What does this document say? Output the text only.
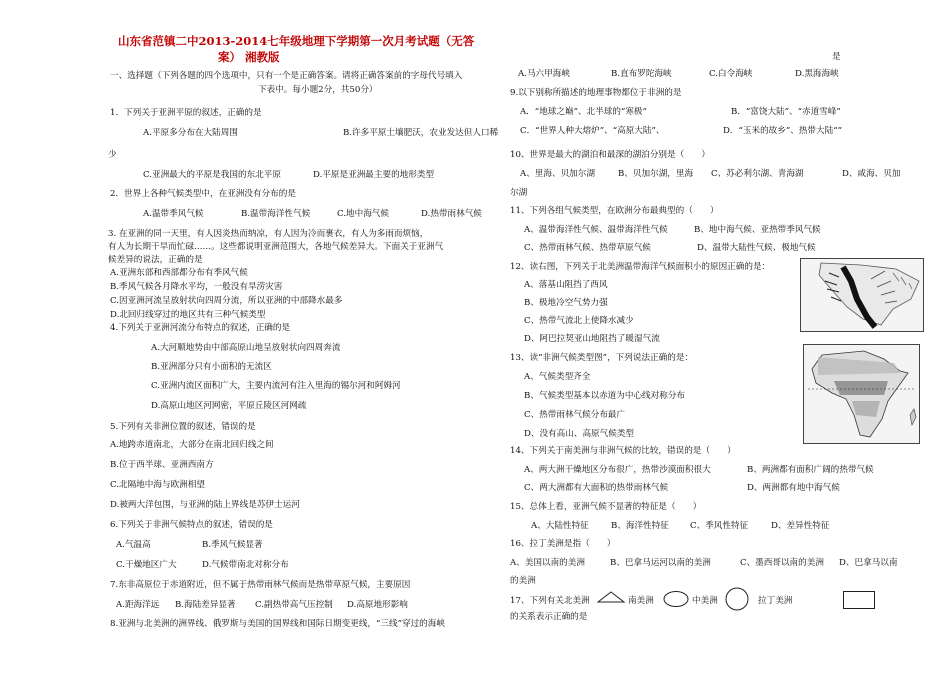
山东省范镇二中2013-2014七年级地理下学期第一次月考试题（无答
案） 湘教版
一、选择题（下列各题的四个选项中，只有一个是正确答案。请将正确答案前的字母代号填入
下表中。每小题2分，共50分）
1．下列关于亚洲平原的叙述，正确的是
A.平原多分布在大陆周围	B.许多平原土壤肥沃，农业发达但人口稀
少
C.亚洲最大的平原是我国的东北平原	D.平原是亚洲最主要的地形类型
2．世界上各种气候类型中，在亚洲没有分布的是
A.温带季风气候	B.温带海洋性气候	C.地中海气候	D.热带雨林气候
3. 在亚洲的同一天里，有人因炎热而纳凉，有人因为冷而裹衣，有人为多雨而烦恼，
有人为长期干旱而忙碌……。这些都说明亚洲范围大，各地气候差异大。下面关于亚洲气
候差异的说法，正确的是
A.亚洲东部和西部都分布有季风气候
B.季风气候各月降水平均，一般没有旱涝灾害
C.因亚洲河流呈放射状向四周分流，所以亚洲的中部降水最多
D.北回归线穿过的地区共有三种气候类型
4.下列关于亚洲河流分布特点的叙述，正确的是
A.大河顺地势由中部高原山地呈放射状向四周奔流
B.亚洲部分只有小面积的无流区
C.亚洲内流区面积广大，主要内流河有注入里海的锡尔河和阿姆河
D.高原山地区河网密，平原丘陵区河网疏
5.下列有关非洲位置的叙述，错误的是
A.地跨赤道南北，大部分在南北回归线之间
B.位于西半球、亚洲西南方
C.北隔地中海与欧洲相望
D.被两大洋包围，与亚洲的陆上界线是苏伊士运河
6.下列关于非洲气候特点的叙述，错误的是
A.气温高	B.季风气候显著
C.干燥地区广大	D.气候带南北对称分布
7.东非高原位于赤道附近，但不属于热带雨林气候而是热带草原气候，主要原因
A.距海洋远 B.海陆差异显著 C.副热带高气压控制 D.高原地形影响
8.亚洲与北美洲的洲界线、俄罗斯与美国的国界线和国际日期变更线，“三线”穿过的海峡
是
A.马六甲海峡	B.直布罗陀海峡	C.白令海峡	D.黑海海峡
9.以下别称所描述的地理事物都位于非洲的是
A．“地球之巅”、北半球的“寒极”	B．“富饶大陆”、“赤道雪峰”
C．“世界人种大熔炉”、“高原大陆”、	D．“玉米的故乡”、热带大陆“”
10、世界是最大的湖泊和最深的湖泊分别是（　　）
A、里海、贝加尔湖	B、贝加尔湖，里海 C、苏必利尔湖、青海湖	D、咸海、贝加
尔湖
11、下列各组气候类型，在欧洲分布最典型的（　　）
A、温带海洋性气候、温带海洋性气候	B、地中海气候、亚热带季风气候
C、热带雨林气候、热带草原气候	D、温带大陆性气候、极地气候
12、读右图，下列关于北美洲温带海洋气候面积小的原因正确的是：
A、落基山阻挡了西风
B、极地冷空气势力强
C、热带气流北上使降水减少
D、阿巴拉契亚山地阻挡了暖湿气流
13、读“非洲气候类型图”，下列说法正确的是：
A、气候类型齐全
B、气候类型基本以赤道为中心线对称分布
C、热带雨林气候分布最广
D、没有高山、高原气候类型
14、下列关于南美洲与非洲气候的比较，错误的是（　　）
A、两大洲干燥地区分布很广，热带沙漠面积很大	B、两洲都有面积广阔的热带气候
C、两大洲都有大面积的热带雨林气候	D、两洲都有地中海气候
15、总体上看，亚洲气候不显著的特征是（　　）
A、大陆性特征	B、海洋性特征 C、季风性特征	D、差异性特征
16、拉丁美洲是指（　　）
A、美国以南的美洲	B、巴拿马运河以南的美洲	C、墨西哥以南的美洲 D、巴拿马以南
的美洲
17、下列有关北美洲	南美洲	中美洲	拉丁美洲
的关系表示正确的是
